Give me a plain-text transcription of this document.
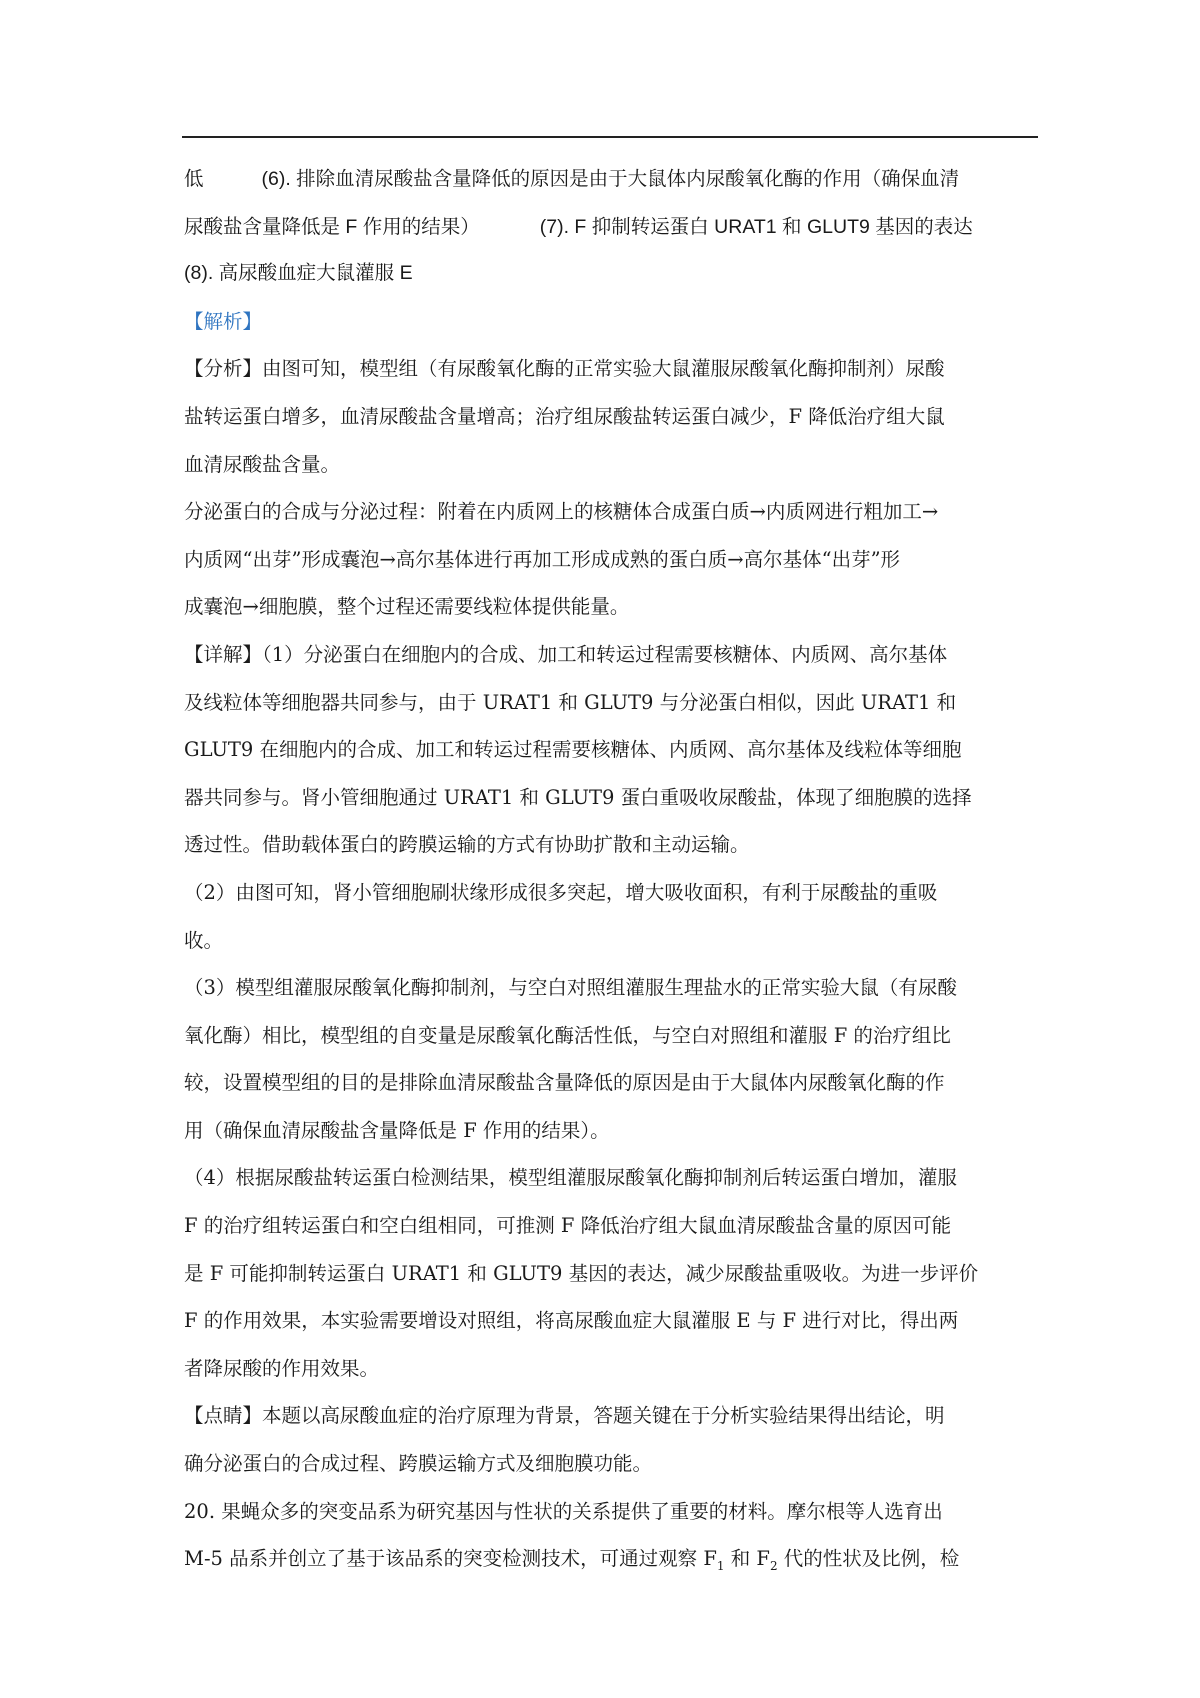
低	(6). 排除血清尿酸盐含量降低的原因是由于大鼠体内尿酸氧化酶的作用（确保血清
尿酸盐含量降低是 F 作用的结果）	(7). F 抑制转运蛋白 URAT1 和 GLUT9 基因的表达
(8). 高尿酸血症大鼠灌服 E
【解析】
【分析】由图可知，模型组（有尿酸氧化酶的正常实验大鼠灌服尿酸氧化酶抑制剂）尿酸
盐转运蛋白增多，血清尿酸盐含量增高；治疗组尿酸盐转运蛋白减少，F 降低治疗组大鼠
血清尿酸盐含量。
分泌蛋白的合成与分泌过程：附着在内质网上的核糖体合成蛋白质→内质网进行粗加工→
内质网“出芽”形成囊泡→高尔基体进行再加工形成成熟的蛋白质→高尔基体“出芽”形
成囊泡→细胞膜，整个过程还需要线粒体提供能量。
【详解】（1）分泌蛋白在细胞内的合成、加工和转运过程需要核糖体、内质网、高尔基体
及线粒体等细胞器共同参与，由于 URAT1 和 GLUT9 与分泌蛋白相似，因此 URAT1 和
GLUT9 在细胞内的合成、加工和转运过程需要核糖体、内质网、高尔基体及线粒体等细胞
器共同参与。肾小管细胞通过 URAT1 和 GLUT9 蛋白重吸收尿酸盐，体现了细胞膜的选择
透过性。借助载体蛋白的跨膜运输的方式有协助扩散和主动运输。
（2）由图可知，肾小管细胞刷状缘形成很多突起，增大吸收面积，有利于尿酸盐的重吸
收。
（3）模型组灌服尿酸氧化酶抑制剂，与空白对照组灌服生理盐水的正常实验大鼠（有尿酸
氧化酶）相比，模型组的自变量是尿酸氧化酶活性低，与空白对照组和灌服 F 的治疗组比
较，设置模型组的目的是排除血清尿酸盐含量降低的原因是由于大鼠体内尿酸氧化酶的作
用（确保血清尿酸盐含量降低是 F 作用的结果）。
（4）根据尿酸盐转运蛋白检测结果，模型组灌服尿酸氧化酶抑制剂后转运蛋白增加，灌服
F 的治疗组转运蛋白和空白组相同，可推测 F 降低治疗组大鼠血清尿酸盐含量的原因可能
是 F 可能抑制转运蛋白 URAT1 和 GLUT9 基因的表达，减少尿酸盐重吸收。为进一步评价
F 的作用效果，本实验需要增设对照组，将高尿酸血症大鼠灌服 E 与 F 进行对比，得出两
者降尿酸的作用效果。
【点睛】本题以高尿酸血症的治疗原理为背景，答题关键在于分析实验结果得出结论，明
确分泌蛋白的合成过程、跨膜运输方式及细胞膜功能。
20. 果蝇众多的突变品系为研究基因与性状的关系提供了重要的材料。摩尔根等人选育出
M-5 品系并创立了基于该品系的突变检测技术，可通过观察 $F_1$ 和 $F_2$ 代的性状及比例，检
